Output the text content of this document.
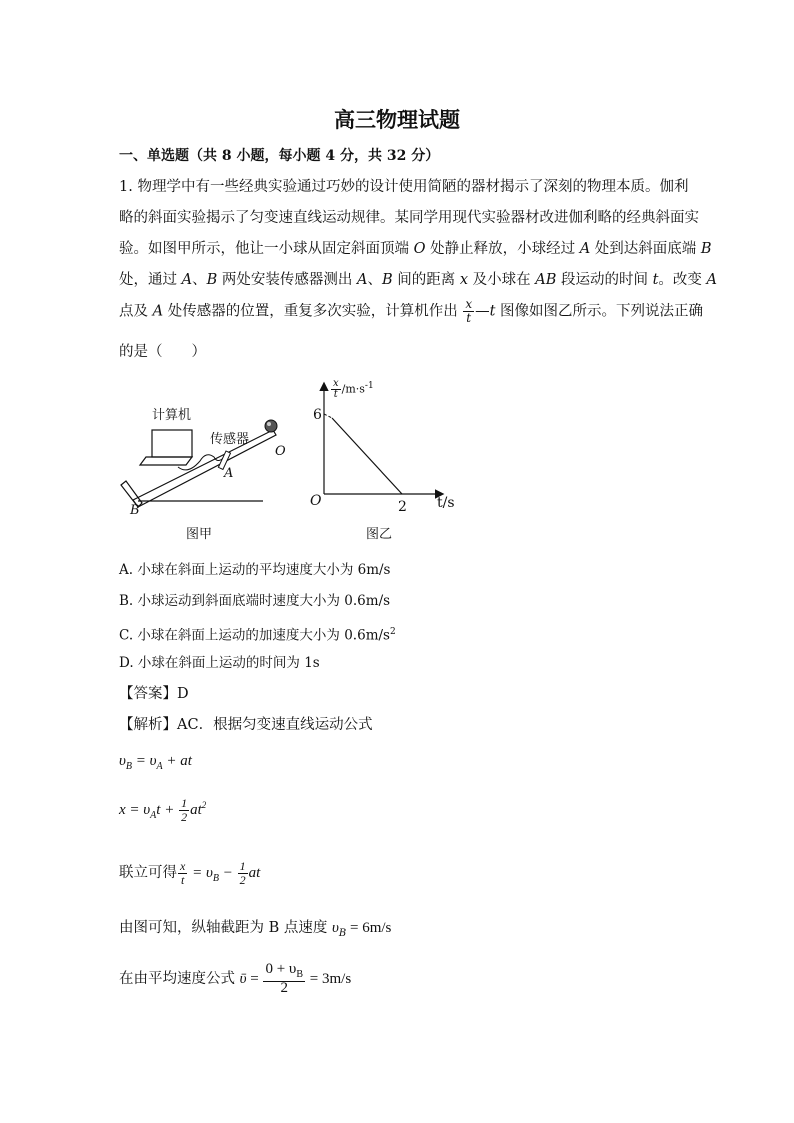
高三物理试题
一、单选题（共 8 小题，每小题 4 分，共 32 分）
1. 物理学中有一些经典实验通过巧妙的设计使用简陋的器材揭示了深刻的物理本质。伽利
略的斜面实验揭示了匀变速直线运动规律。某同学用现代实验器材改进伽利略的经典斜面实
验。如图甲所示，他让一小球从固定斜面顶端 O 处静止释放，小球经过 A 处到达斜面底端 B
处，通过 A、B 两处安装传感器测出 A、B 间的距离 x 及小球在 AB 段运动的时间 t。改变 A
点及 A 处传感器的位置，重复多次实验，计算机作出 $\frac{x}{t}$ —t 图像如图乙所示。下列说法正确
的是（　　）
计算机
传感器
A
O
B
图甲
$\frac{x}{t} /m\cdot s^{-1}$
6
O	2 t/s
图乙
A. 小球在斜面上运动的平均速度大小为 6m/s
B. 小球运动到斜面底端时速度大小为 0.6m/s
C. 小球在斜面上运动的加速度大小为 $0.6m/s^2$
D. 小球在斜面上运动的时间为 1s
【答案】D
【解析】AC．根据匀变速直线运动公式
$\upsilon_B = \upsilon_A$ + at
$x = \upsilon_At + \frac{1}{2} at^2$
联立可得 $\frac{x}{t} = \upsilon_B - \frac{1}{2}$ at
由图可知，纵轴截距为 B 点速度 $\upsilon_B = 6m/s$
在由平均速度公式 ῡ = $\frac{0 + \upsilon_B}{2} = 3m/s$
